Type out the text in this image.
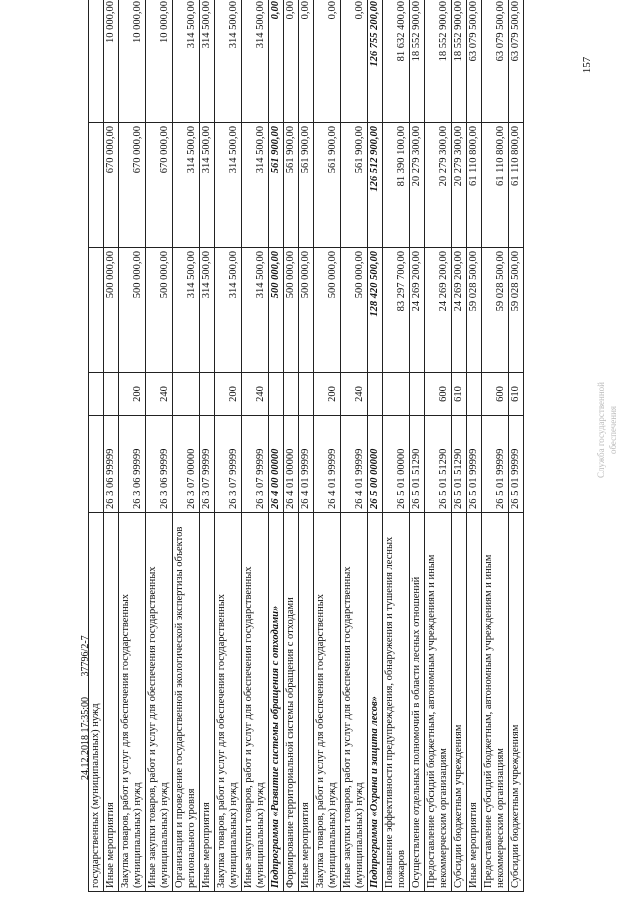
157
государственных (муниципальных) нужд					
Иные мероприятия	26 3 06 99999		500 000,00	670 000,00	10 000,00
Закупка товаров, работ и услуг для обеспечения государственных (муниципальных) нужд	26 3 06 99999	200	500 000,00	670 000,00	10 000,00
Иные закупки товаров, работ и услуг для обеспечения государственных (муниципальных) нужд	26 3 06 99999	240	500 000,00	670 000,00	10 000,00
Организация и проведение государственной экологической экспертизы объектов регионального уровня	26 3 07 00000		314 500,00	314 500,00	314 500,00
Иные мероприятия	26 3 07 99999		314 500,00	314 500,00	314 500,00
Закупка товаров, работ и услуг для обеспечения государственных (муниципальных) нужд	26 3 07 99999	200	314 500,00	314 500,00	314 500,00
Иные закупки товаров, работ и услуг для обеспечения государственных (муниципальных) нужд	26 3 07 99999	240	314 500,00	314 500,00	314 500,00
Подпрограмма «Развитие системы обращения с отходами»	26 4 00 00000		500 000,00	561 900,00	0,00
Формирование территориальной системы обращения с отходами	26 4 01 00000		500 000,00	561 900,00	0,00
Иные мероприятия	26 4 01 99999		500 000,00	561 900,00	0,00
Закупка товаров, работ и услуг для обеспечения государственных (муниципальных) нужд	26 4 01 99999	200	500 000,00	561 900,00	0,00
Иные закупки товаров, работ и услуг для обеспечения государственных (муниципальных) нужд	26 4 01 99999	240	500 000,00	561 900,00	0,00
Подпрограмма «Охрана и защита лесов»	26 5 00 00000		128 420 500,00	126 512 900,00	126 755 200,00
Повышение эффективности предупреждения, обнаружения и тушения лесных пожаров	26 5 01 00000		83 297 700,00	81 390 100,00	81 632 400,00
Осуществление отдельных полномочий в области лесных отношений	26 5 01 51290		24 269 200,00	20 279 300,00	18 552 900,00
Предоставление субсидий бюджетным, автономным учреждениям и иным некоммерческим организациям	26 5 01 51290	600	24 269 200,00	20 279 300,00	18 552 900,00
Субсидии бюджетным учреждениям	26 5 01 51290	610	24 269 200,00	20 279 300,00	18 552 900,00
Иные мероприятия	26 5 01 99999		59 028 500,00	61 110 800,00	63 079 500,00
Предоставление субсидий бюджетным, автономным учреждениям и иным некоммерческим организациям	26 5 01 99999	600	59 028 500,00	61 110 800,00	63 079 500,00
Субсидии бюджетным учреждениям	26 5 01 99999	610	59 028 500,00	61 110 800,00	63 079 500,00
Служба государственной обеспечения
24.12.2018 17:35:00 37796/2-7
